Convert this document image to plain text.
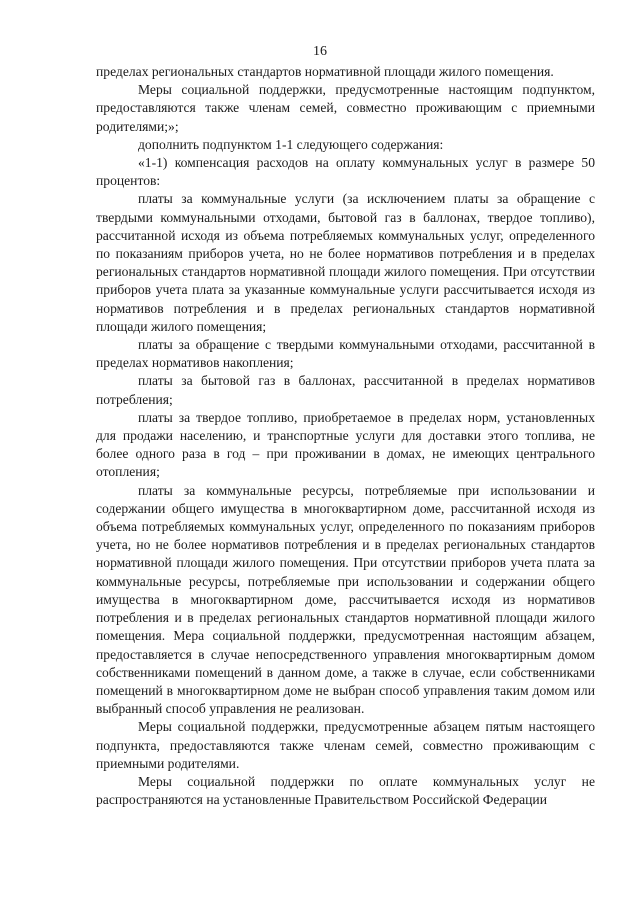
16

пределах региональных стандартов нормативной площади жилого помещения.

Меры социальной поддержки, предусмотренные настоящим подпунктом, предоставляются также членам семей, совместно проживающим с приемными родителями;»;

дополнить подпунктом 1-1 следующего содержания:

«1-1) компенсация расходов на оплату коммунальных услуг в размере 50 процентов:

платы за коммунальные услуги (за исключением платы за обращение с твердыми коммунальными отходами, бытовой газ в баллонах, твердое топливо), рассчитанной исходя из объема потребляемых коммунальных услуг, определенного по показаниям приборов учета, но не более нормативов потребления и в пределах региональных стандартов нормативной площади жилого помещения. При отсутствии приборов учета плата за указанные коммунальные услуги рассчитывается исходя из нормативов потребления и в пределах региональных стандартов нормативной площади жилого помещения;

платы за обращение с твердыми коммунальными отходами, рассчитанной в пределах нормативов накопления;

платы за бытовой газ в баллонах, рассчитанной в пределах нормативов потребления;

платы за твердое топливо, приобретаемое в пределах норм, установленных для продажи населению, и транспортные услуги для доставки этого топлива, не более одного раза в год – при проживании в домах, не имеющих центрального отопления;

платы за коммунальные ресурсы, потребляемые при использовании и содержании общего имущества в многоквартирном доме, рассчитанной исходя из объема потребляемых коммунальных услуг, определенного по показаниям приборов учета, но не более нормативов потребления и в пределах региональных стандартов нормативной площади жилого помещения. При отсутствии приборов учета плата за коммунальные ресурсы, потребляемые при использовании и содержании общего имущества в многоквартирном доме, рассчитывается исходя из нормативов потребления и в пределах региональных стандартов нормативной площади жилого помещения. Мера социальной поддержки, предусмотренная настоящим абзацем, предоставляется в случае непосредственного управления многоквартирным домом собственниками помещений в данном доме, а также в случае, если собственниками помещений в многоквартирном доме не выбран способ управления таким домом или выбранный способ управления не реализован.

Меры социальной поддержки, предусмотренные абзацем пятым настоящего подпункта, предоставляются также членам семей, совместно проживающим с приемными родителями.

Меры социальной поддержки по оплате коммунальных услуг не распространяются на установленные Правительством Российской Федерации
